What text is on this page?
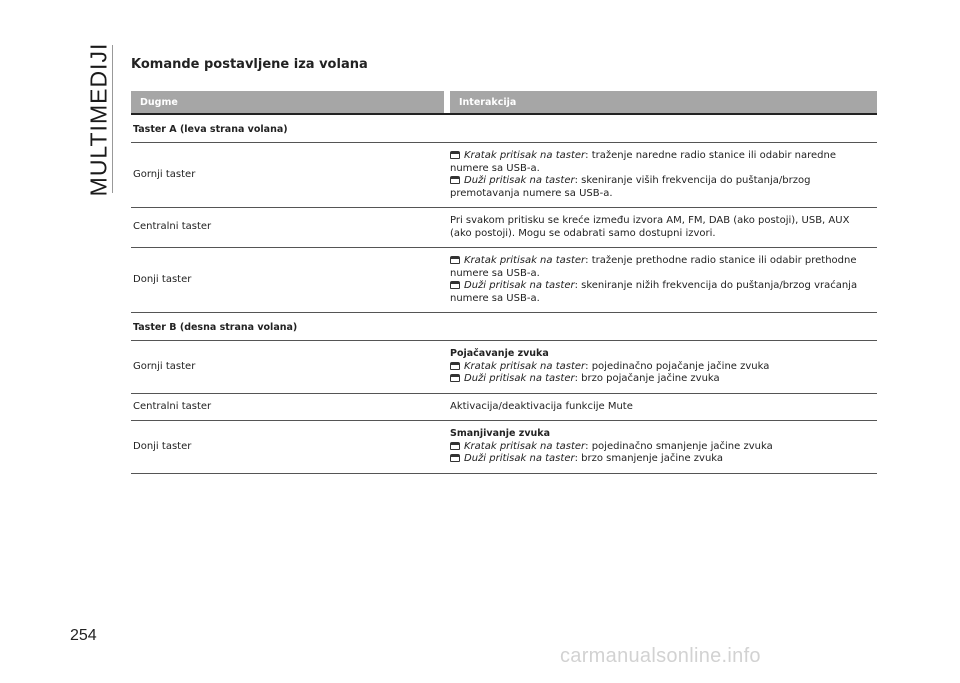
MULTIMEDIJI Komande postavljene iza volana
Dugme	Interakcija
Taster A (leva strana volana)
Gornji taster
Kratak pritisak na taster: traženje naredne radio stanice ili odabir naredne
numere sa USB-a.
Duži pritisak na taster: skeniranje viših frekvencija do puštanja/brzog
premotavanja numere sa USB-a.
Centralni taster
Pri svakom pritisku se kreće između izvora AM, FM, DAB (ako postoji), USB, AUX
(ako postoji). Mogu se odabrati samo dostupni izvori.
Donji taster
Kratak pritisak na taster: traženje prethodne radio stanice ili odabir prethodne
numere sa USB-a.
Duži pritisak na taster: skeniranje nižih frekvencija do puštanja/brzog vraćanja
numere sa USB-a.
Taster B (desna strana volana)
Gornji taster
Pojačavanje zvuka
Kratak pritisak na taster: pojedinačno pojačanje jačine zvuka
Duži pritisak na taster: brzo pojačanje jačine zvuka
Centralni taster	Aktivacija/deaktivacija funkcije Mute
Donji taster
Smanjivanje zvuka
Kratak pritisak na taster: pojedinačno smanjenje jačine zvuka
Duži pritisak na taster: brzo smanjenje jačine zvuka
254
carmanualsonline.info
